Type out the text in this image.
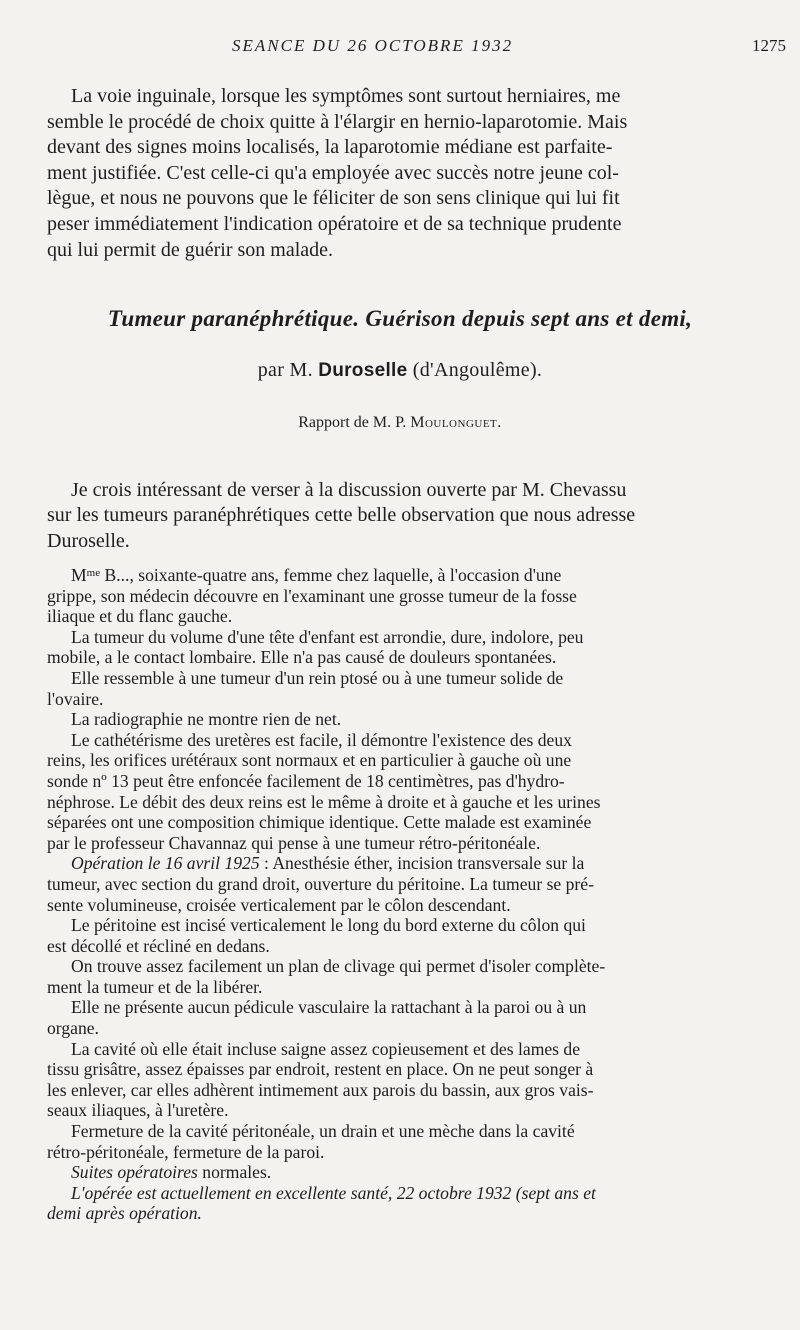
SEANCE DU 26 OCTOBRE 1932	1275
La voie inguinale, lorsque les symptômes sont surtout herniaires, me
semble le procédé de choix quitte à l'élargir en hernio-laparotomie. Mais
devant des signes moins localisés, la laparotomie médiane est parfaite-
ment justifiée. C'est celle-ci qu'a employée avec succès notre jeune col-
lègue, et nous ne pouvons que le féliciter de son sens clinique qui lui fit
peser immédiatement l'indication opératoire et de sa technique prudente
qui lui permit de guérir son malade.
Tumeur paranéphrétique. Guérison depuis sept ans et demi,
par M. Duroselle (d'Angoulême).
Rapport de M. P. Moulonguet.
Je crois intéressant de verser à la discussion ouverte par M. Chevassu
sur les tumeurs paranéphrétiques cette belle observation que nous adresse
Duroselle.
$M^{me}$ B..., soixante-quatre ans, femme chez laquelle, à l'occasion d'une
grippe, son médecin découvre en l'examinant une grosse tumeur de la fosse
iliaque et du flanc gauche.
La tumeur du volume d'une tête d'enfant est arrondie, dure, indolore, peu
mobile, a le contact lombaire. Elle n'a pas causé de douleurs spontanées.
Elle ressemble à une tumeur d'un rein ptosé ou à une tumeur solide de
l'ovaire.
La radiographie ne montre rien de net.
Le cathétérisme des uretères est facile, il démontre l'existence des deux
reins, les orifices urétéraux sont normaux et en particulier à gauche où une
sonde nº 13 peut être enfoncée facilement de 18 centimètres, pas d'hydro-
néphrose. Le débit des deux reins est le même à droite et à gauche et les urines
séparées ont une composition chimique identique. Cette malade est examinée
par le professeur Chavannaz qui pense à une tumeur rétro-péritonéale.
Opération le 16 avril 1925 : Anesthésie éther, incision transversale sur la
tumeur, avec section du grand droit, ouverture du péritoine. La tumeur se pré-
sente volumineuse, croisée verticalement par le côlon descendant.
Le péritoine est incisé verticalement le long du bord externe du côlon qui
est décollé et récliné en dedans.
On trouve assez facilement un plan de clivage qui permet d'isoler complète-
ment la tumeur et de la libérer.
Elle ne présente aucun pédicule vasculaire la rattachant à la paroi ou à un
organe.
La cavité où elle était incluse saigne assez copieusement et des lames de
tissu grisâtre, assez épaisses par endroit, restent en place. On ne peut songer à
les enlever, car elles adhèrent intimement aux parois du bassin, aux gros vais-
seaux iliaques, à l'uretère.
Fermeture de la cavité péritonéale, un drain et une mèche dans la cavité
rétro-péritonéale, fermeture de la paroi.
Suites opératoires normales.
L'opérée est actuellement en excellente santé, 22 octobre 1932 (sept ans et
demi après opération.
